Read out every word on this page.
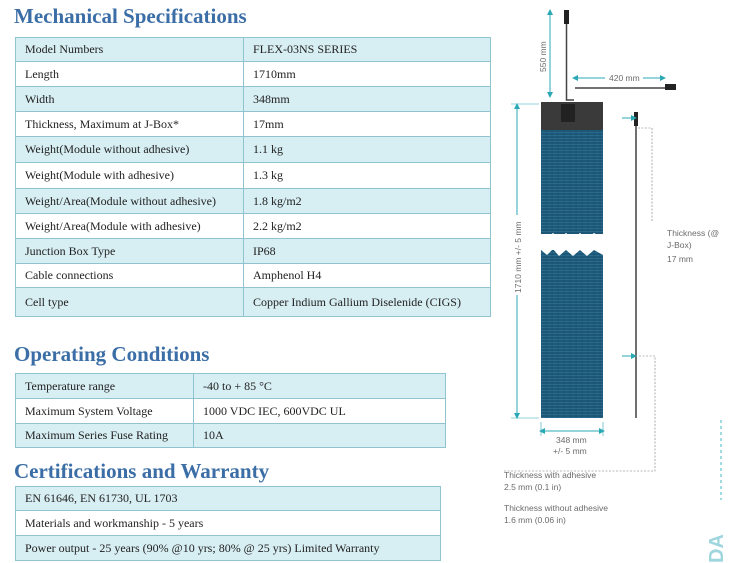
Mechanical Specifications
Model Numbers	FLEX-03NS SERIES
Length	1710mm
Width	348mm
Thickness, Maximum at J-Box*	17mm
Weight(Module without adhesive)	1.1 kg
Weight(Module with adhesive)	1.3 kg
Weight/Area(Module without adhesive)	1.8 kg/m2
Weight/Area(Module with adhesive)	2.2 kg/m2
Junction Box Type	IP68
Cable connections	Amphenol H4
Cell type	Copper Indium Gallium Diselenide (CIGS)
Operating Conditions
Temperature range	-40 to + 85 °C
Maximum System Voltage	1000 VDC IEC, 600VDC UL
Maximum Series Fuse Rating	10A
Certifications and Warranty
EN 61646, EN 61730, UL 1703
Materials and workmanship - 5 years
Power output - 25 years (90% @10 yrs; 80% @ 25 yrs) Limited Warranty
550 mm
420 mm
1710 mm +/- 5 mm
348 mm
+/- 5 mm
Thickness (@
J-Box)
17 mm
Thickness with adhesive
2.5 mm (0.1 in)
Thickness without adhesive
1.6 mm (0.06 in)
DA
